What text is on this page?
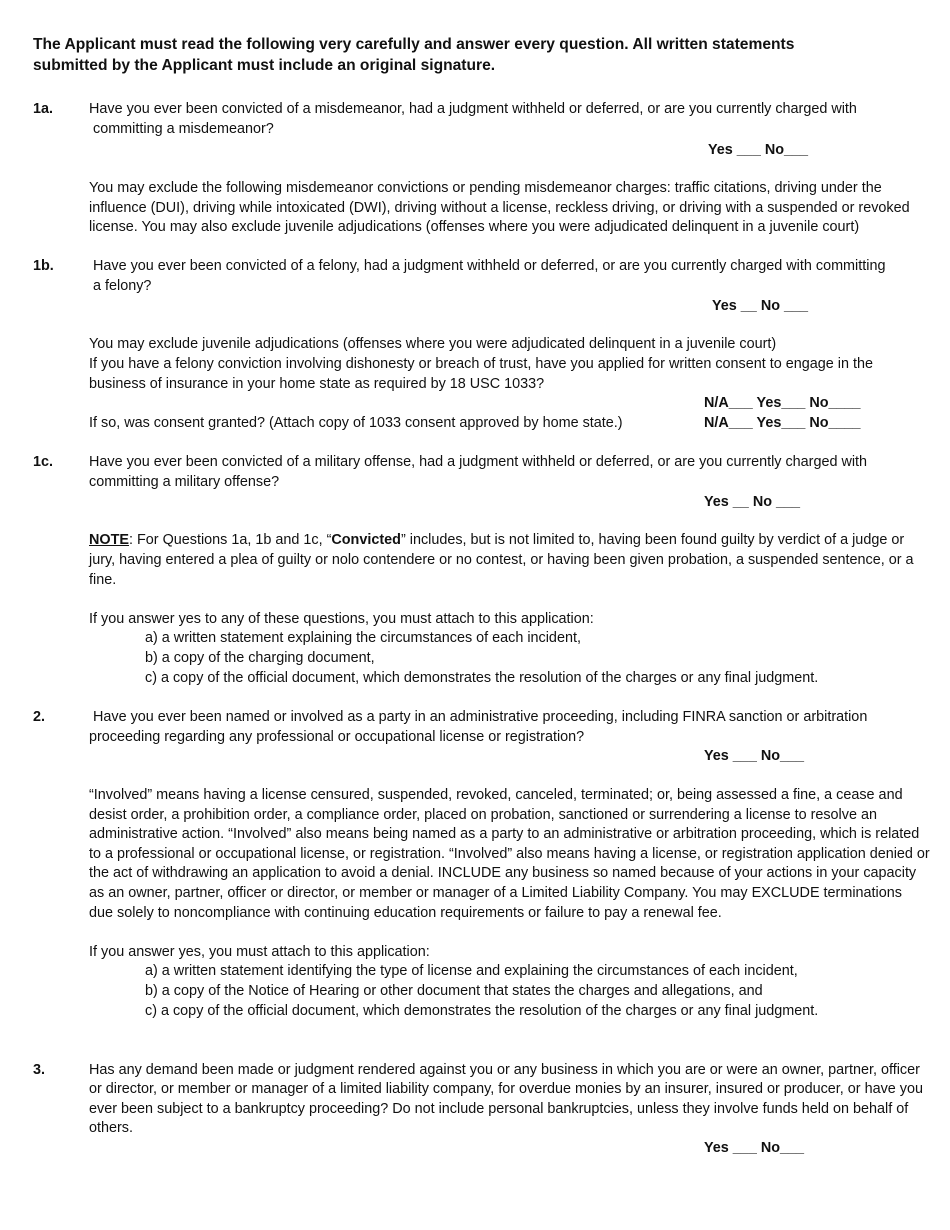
The Applicant must read the following very carefully and answer every question. All written statements
submitted by the Applicant must include an original signature.
1a. Have you ever been convicted of a misdemeanor, had a judgment withheld or deferred, or are you currently charged with
committing a misdemeanor?
Yes ___ No___
You may exclude the following misdemeanor convictions or pending misdemeanor charges: traffic citations, driving under the
influence (DUI), driving while intoxicated (DWI), driving without a license, reckless driving, or driving with a suspended or revoked
license. You may also exclude juvenile adjudications (offenses where you were adjudicated delinquent in a juvenile court)
1b.	Have you ever been convicted of a felony, had a judgment withheld or deferred, or are you currently charged with committing
a felony?
Yes __ No ___
You may exclude juvenile adjudications (offenses where you were adjudicated delinquent in a juvenile court)
If you have a felony conviction involving dishonesty or breach of trust, have you applied for written consent to engage in the
business of insurance in your home state as required by 18 USC 1033?
N/A___ Yes___ No____
If so, was consent granted? (Attach copy of 1033 consent approved by home state.)	N/A___ Yes___ No____
1c. Have you ever been convicted of a military offense, had a judgment withheld or deferred, or are you currently charged with
committing a military offense?
Yes __ No ___
NOTE: For Questions 1a, 1b and 1c, “Convicted” includes, but is not limited to, having been found guilty by verdict of a judge or
jury, having entered a plea of guilty or nolo contendere or no contest, or having been given probation, a suspended sentence, or a
fine.
If you answer yes to any of these questions, you must attach to this application:
a) a written statement explaining the circumstances of each incident,
b) a copy of the charging document,
c) a copy of the official document, which demonstrates the resolution of the charges or any final judgment.
2.	Have you ever been named or involved as a party in an administrative proceeding, including FINRA sanction or arbitration
proceeding regarding any professional or occupational license or registration?
Yes ___ No___
“Involved” means having a license censured, suspended, revoked, canceled, terminated; or, being assessed a fine, a cease and
desist order, a prohibition order, a compliance order, placed on probation, sanctioned or surrendering a license to resolve an
administrative action. “Involved” also means being named as a party to an administrative or arbitration proceeding, which is related
to a professional or occupational license, or registration. “Involved” also means having a license, or registration application denied or
the act of withdrawing an application to avoid a denial. INCLUDE any business so named because of your actions in your capacity
as an owner, partner, officer or director, or member or manager of a Limited Liability Company. You may EXCLUDE terminations
due solely to noncompliance with continuing education requirements or failure to pay a renewal fee.
If you answer yes, you must attach to this application:
a) a written statement identifying the type of license and explaining the circumstances of each incident,
b) a copy of the Notice of Hearing or other document that states the charges and allegations, and
c) a copy of the official document, which demonstrates the resolution of the charges or any final judgment.
3.	Has any demand been made or judgment rendered against you or any business in which you are or were an owner, partner, officer
or director, or member or manager of a limited liability company, for overdue monies by an insurer, insured or producer, or have you
ever been subject to a bankruptcy proceeding? Do not include personal bankruptcies, unless they involve funds held on behalf of
others.
Yes ___ No___
